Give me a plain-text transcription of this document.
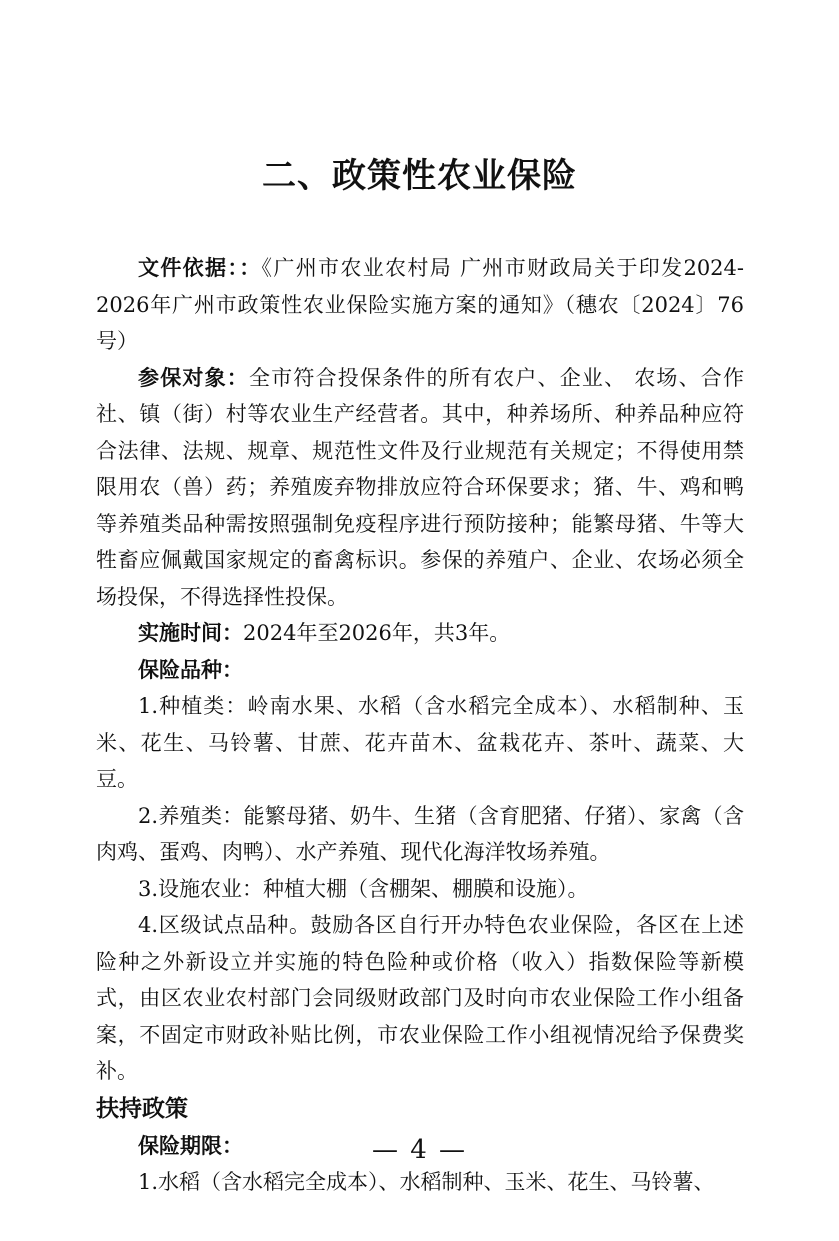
二、政策性农业保险

文件依据：：《广州市农业农村局 广州市财政局关于印发2024-2026年广州市政策性农业保险实施方案的通知》（穗农〔2024〕76号）

参保对象：全市符合投保条件的所有农户、企业、 农场、合作社、镇（街）村等农业生产经营者。其中，种养场所、种养品种应符合法律、法规、规章、规范性文件及行业规范有关规定；不得使用禁限用农（兽）药；养殖废弃物排放应符合环保要求；猪、牛、鸡和鸭等养殖类品种需按照强制免疫程序进行预防接种；能繁母猪、牛等大牲畜应佩戴国家规定的畜禽标识。参保的养殖户、企业、农场必须全场投保，不得选择性投保。

实施时间：2024年至2026年，共3年。

保险品种：

1.种植类：岭南水果、水稻（含水稻完全成本）、水稻制种、玉米、花生、马铃薯、甘蔗、花卉苗木、盆栽花卉、茶叶、蔬菜、大豆。

2.养殖类：能繁母猪、奶牛、生猪（含育肥猪、仔猪）、家禽（含肉鸡、蛋鸡、肉鸭）、水产养殖、现代化海洋牧场养殖。

3.设施农业：种植大棚（含棚架、棚膜和设施）。

4.区级试点品种。鼓励各区自行开办特色农业保险，各区在上述险种之外新设立并实施的特色险种或价格（收入）指数保险等新模式，由区农业农村部门会同级财政部门及时向市农业保险工作小组备案，不固定市财政补贴比例，市农业保险工作小组视情况给予保费奖补。

扶持政策

保险期限：

1.水稻（含水稻完全成本）、水稻制种、玉米、花生、马铃薯、

— 4 —
